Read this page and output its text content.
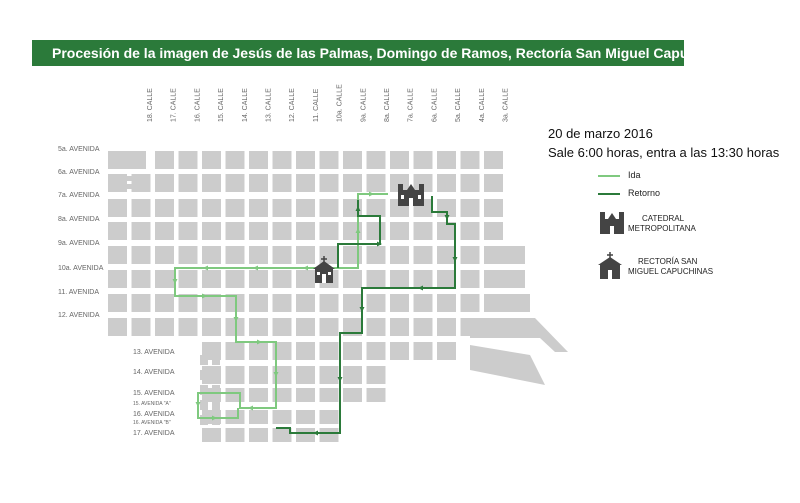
Procesión de la imagen de Jesús de las Palmas, Domingo de Ramos, Rectoría San Miguel Capuchinas
18. CALLE 17. CALLE 16. CALLE 15. CALLE 14. CALLE 13. CALLE 12. CALLE 11. CALLE 10a. CALLE 9a. CALLE 8a. CALLE 7a. CALLE 6a. CALLE 5a. CALLE 4a. CALLE 3a. CALLE
5a. AVENIDA
6a. AVENIDA
7a. AVENIDA
8a. AVENIDA
9a. AVENIDA
10a. AVENIDA
11. AVENIDA
12. AVENIDA
13. AVENIDA
14. AVENIDA
15. AVENIDA
15. AVENIDA "A"
16. AVENIDA
16. AVENIDA "B"
17. AVENIDA
20 de marzo 2016
Sale 6:00 horas, entra a las 13:30 horas
Ida
Retorno
CATEDRAL
METROPOLITANA
RECTORÍA SAN
MIGUEL CAPUCHINAS
